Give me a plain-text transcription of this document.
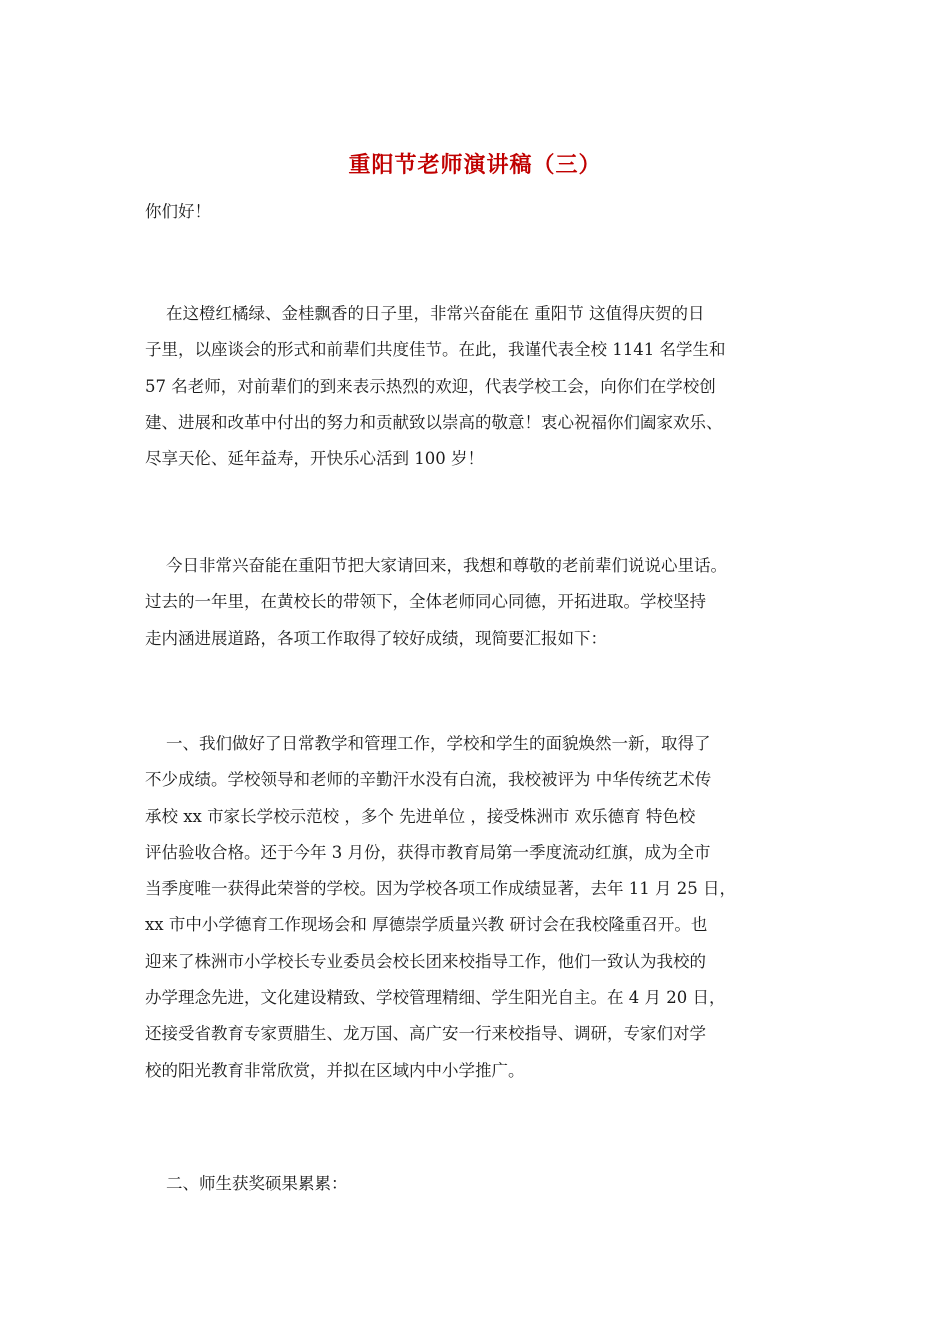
重阳节老师演讲稿（三）
你们好！
在这橙红橘绿、金桂飘香的日子里，非常兴奋能在 重阳节 这值得庆贺的日
子里，以座谈会的形式和前辈们共度佳节。在此，我谨代表全校 1141 名学生和
57 名老师，对前辈们的到来表示热烈的欢迎，代表学校工会，向你们在学校创
建、进展和改革中付出的努力和贡献致以崇高的敬意！衷心祝福你们阖家欢乐、
尽享天伦、延年益寿，开快乐心活到 100 岁！
今日非常兴奋能在重阳节把大家请回来，我想和尊敬的老前辈们说说心里话。
过去的一年里，在黄校长的带领下，全体老师同心同德，开拓进取。学校坚持
走内涵进展道路，各项工作取得了较好成绩，现简要汇报如下：
一、我们做好了日常教学和管理工作，学校和学生的面貌焕然一新，取得了
不少成绩。学校领导和老师的辛勤汗水没有白流，我校被评为 中华传统艺术传
承校 xx 市家长学校示范校 ，多个 先进单位 ，接受株洲市 欢乐德育 特色校
评估验收合格。还于今年 3 月份，获得市教育局第一季度流动红旗，成为全市
当季度唯一获得此荣誉的学校。因为学校各项工作成绩显著，去年 11 月 25 日，
xx 市中小学德育工作现场会和 厚德崇学质量兴教 研讨会在我校隆重召开。也
迎来了株洲市小学校长专业委员会校长团来校指导工作，他们一致认为我校的
办学理念先进，文化建设精致、学校管理精细、学生阳光自主。在 4 月 20 日，
还接受省教育专家贾腊生、龙万国、高广安一行来校指导、调研，专家们对学
校的阳光教育非常欣赏，并拟在区域内中小学推广。
二、师生获奖硕果累累：
